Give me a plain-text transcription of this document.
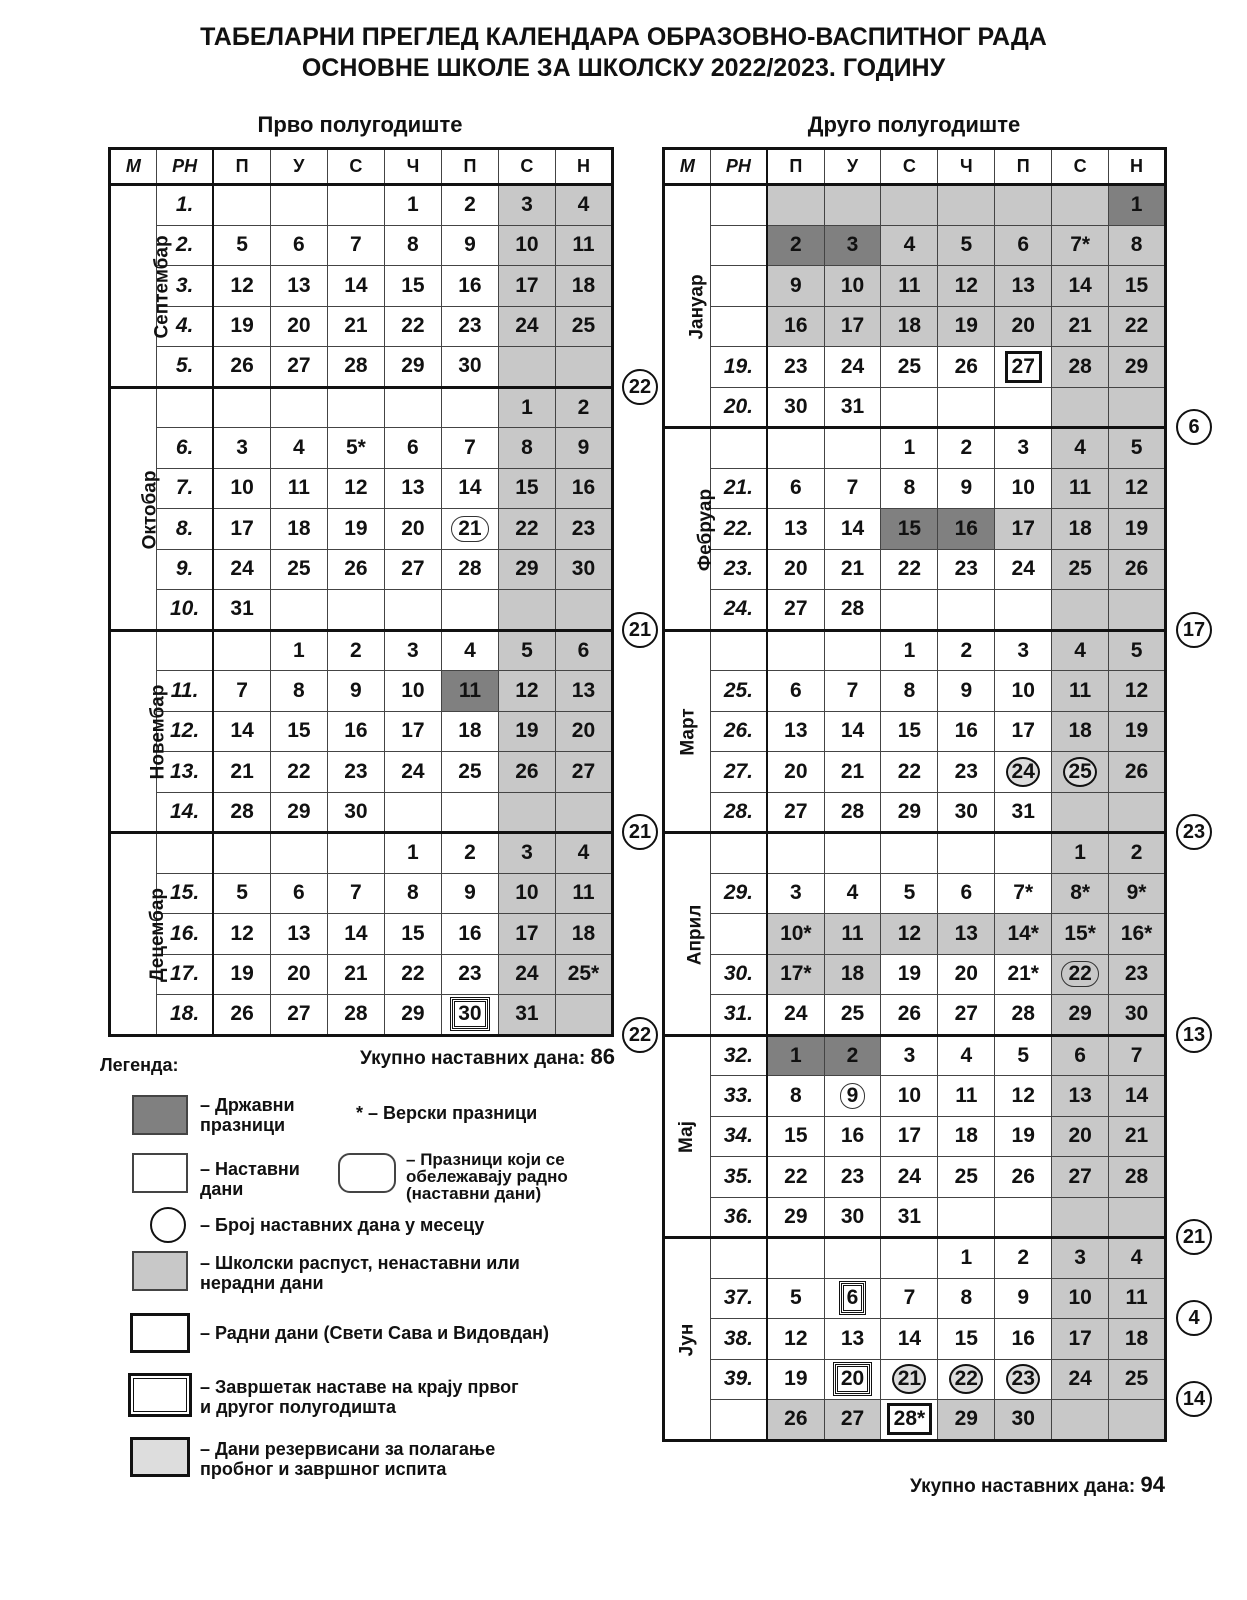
ТАБЕЛАРНИ ПРЕГЛЕД КАЛЕНДАРА ОБРАЗОВНО-ВАСПИТНОГ РАДА
ОСНОВНЕ ШКОЛЕ ЗА ШКОЛСКУ 2022/2023. ГОДИНУ
Прво полугодиште	Друго полугодиште
М	РН	П	У	С	Ч	П	С	Н
Септембар	1.				1	2	3	4
	2.	5	6	7	8	9	10	11
	3.	12	13	14	15	16	17	18
	4.	19	20	21	22	23	24	25
	5.	26	27	28	29	30		
Октобар							1	2
	6.	3	4	5*	6	7	8	9
	7.	10	11	12	13	14	15	16
	8.	17	18	19	20	21	22	23
	9.	24	25	26	27	28	29	30
	10.	31						
Новембар			1	2	3	4	5	6
	11.	7	8	9	10	11	12	13
	12.	14	15	16	17	18	19	20
	13.	21	22	23	24	25	26	27
	14.	28	29	30				
Децембар					1	2	3	4
	15.	5	6	7	8	9	10	11
	16.	12	13	14	15	16	17	18
	17.	19	20	21	22	23	24	25*
	18.	26	27	28	29	30	31	
М	РН	П	У	С	Ч	П	С	Н
Јануар								1
		2	3	4	5	6	7*	8
		9	10	11	12	13	14	15
		16	17	18	19	20	21	22
	19.	23	24	25	26	27	28	29
	20.	30	31					
Фебруар				1	2	3	4	5
	21.	6	7	8	9	10	11	12
	22.	13	14	15	16	17	18	19
	23.	20	21	22	23	24	25	26
	24.	27	28					
Март				1	2	3	4	5
	25.	6	7	8	9	10	11	12
	26.	13	14	15	16	17	18	19
	27.	20	21	22	23	24	25	26
	28.	27	28	29	30	31		
Април							1	2
	29.	3	4	5	6	7*	8*	9*
		10*	11	12	13	14*	15*	16*
	30.	17*	18	19	20	21*	22	23
	31.	24	25	26	27	28	29	30
Мај	32.	1	2	3	4	5	6	7
	33.	8	9	10	11	12	13	14
	34.	15	16	17	18	19	20	21
	35.	22	23	24	25	26	27	28
	36.	29	30	31				
Јун					1	2	3	4
	37.	5	6	7	8	9	10	11
	38.	12	13	14	15	16	17	18
	39.	19	20	21	22	23	24	25
		26	27	28*	29	30		
Укупно наставних дана: 86
Укупно наставних дана: 94
22
21
21
22
6
17
23
13
21
4
14
Легенда:
– Државни празници
* – Верски празници
– Наставни дани
– Празници који се обележавају радно (наставни дани)
– Број наставних дана у месецу
– Школски распуст, ненаставни или нерадни дани
– Радни дани (Свети Сава и Видовдан)
– Завршетак наставе на крају првог и другог полугодишта
– Дани резервисани за полагање пробног и завршног испита
